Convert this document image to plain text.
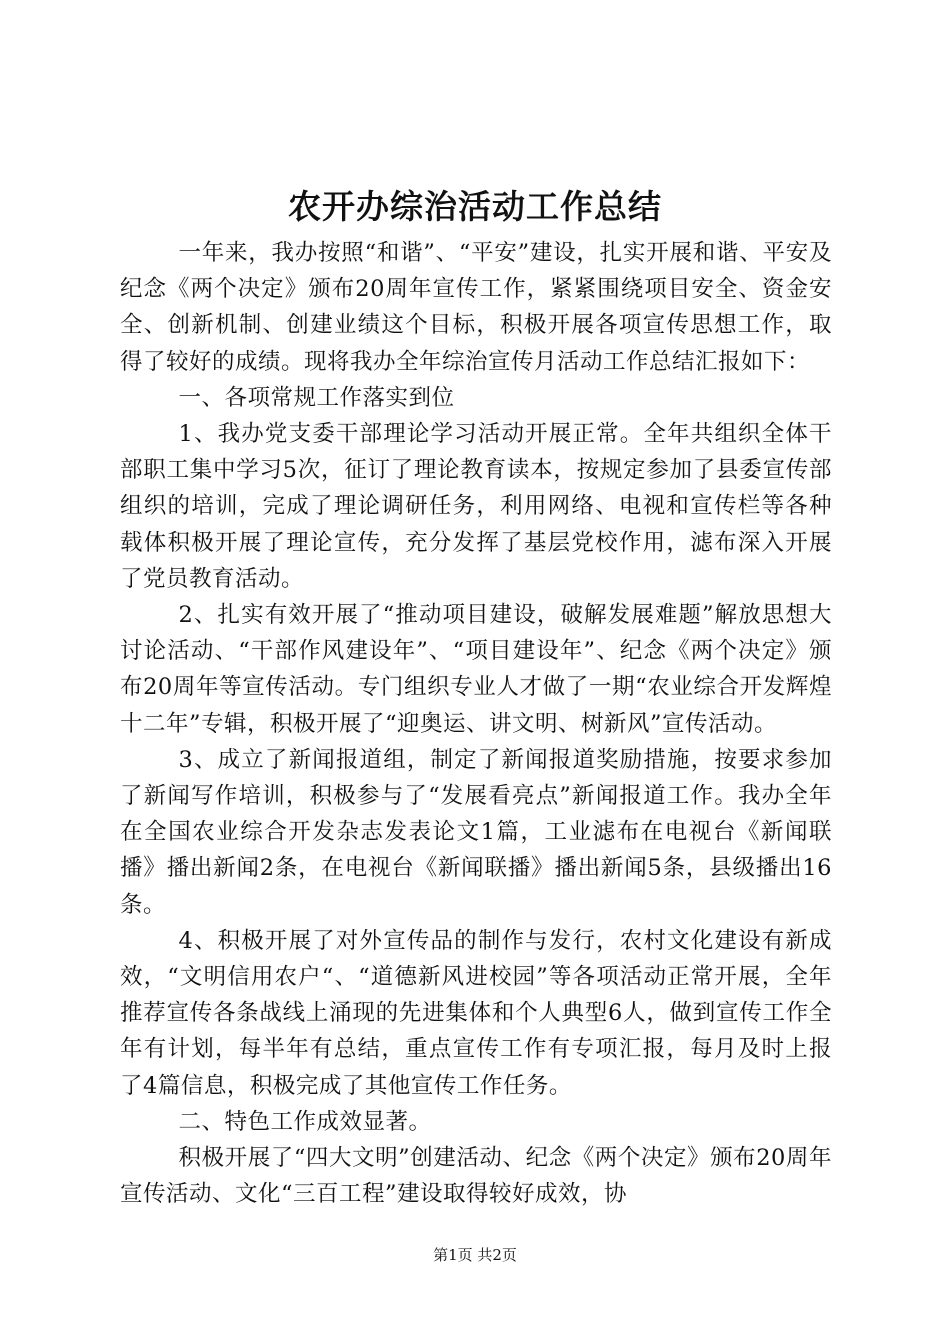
农开办综治活动工作总结

一年来，我办按照“和谐”、“平安”建设，扎实开展和谐、平安及纪念《两个决定》颁布20周年宣传工作，紧紧围绕项目安全、资金安全、创新机制、创建业绩这个目标，积极开展各项宣传思想工作，取得了较好的成绩。现将我办全年综治宣传月活动工作总结汇报如下：

一、各项常规工作落实到位

1、我办党支委干部理论学习活动开展正常。全年共组织全体干部职工集中学习5次，征订了理论教育读本，按规定参加了县委宣传部组织的培训，完成了理论调研任务，利用网络、电视和宣传栏等各种载体积极开展了理论宣传，充分发挥了基层党校作用，滤布深入开展了党员教育活动。

2、扎实有效开展了“推动项目建设，破解发展难题”解放思想大讨论活动、“干部作风建设年”、“项目建设年”、纪念《两个决定》颁布20周年等宣传活动。专门组织专业人才做了一期“农业综合开发辉煌十二年”专辑，积极开展了“迎奥运、讲文明、树新风”宣传活动。

3、成立了新闻报道组，制定了新闻报道奖励措施，按要求参加了新闻写作培训，积极参与了“发展看亮点”新闻报道工作。我办全年在全国农业综合开发杂志发表论文1篇，工业滤布在电视台《新闻联播》播出新闻2条，在电视台《新闻联播》播出新闻5条，县级播出16条。

4、积极开展了对外宣传品的制作与发行，农村文化建设有新成效，“文明信用农户“、“道德新风进校园”等各项活动正常开展，全年推荐宣传各条战线上涌现的先进集体和个人典型6人，做到宣传工作全年有计划，每半年有总结，重点宣传工作有专项汇报，每月及时上报了4篇信息，积极完成了其他宣传工作任务。

二、特色工作成效显著。

积极开展了“四大文明”创建活动、纪念《两个决定》颁布20周年宣传活动、文化“三百工程”建设取得较好成效，协

第1页 共2页
